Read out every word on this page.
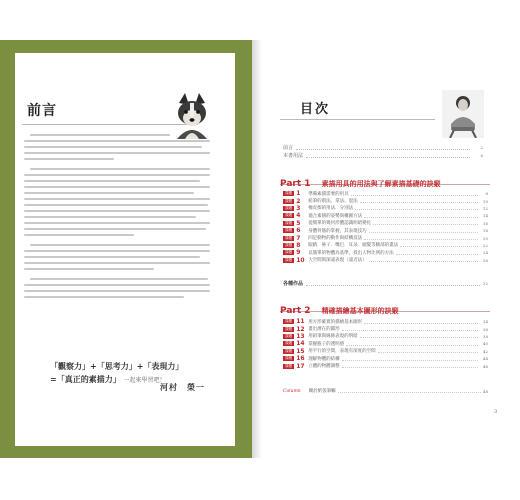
前言
「觀察力」+「思考力」+「表現力」
=「真正的素描力」 一起來學習吧！
河村　榮一
目次
前言	2
本書用法	6
Part 1 素描用具的用法與了解素描基礎的訣竅
課題 1	準備素描需要的用具	8
課題 2	鉛筆的削法、拿法、混法	10
課題 3	橡皮擦的用法．分別法	12
課題 4	適合素描的姿勢與構圖方法	14
課題 5	從簡單的幾何形體認識明暗變化	16
課題 6	身體骨骼的掌握，其表現技巧	18
課題 7	四足動物的動作與結構技法	20
課題 8	眼睛．鼻子．嘴巴．耳朵．頭髮等臉部的畫法	22
課題 9	以簡單的物體為基準，找出人物比例的方法	24
課題 10 大空間與深遠表現（遠近法）	26
各種作品	32
Part 2 精確描繪基本圖形的訣竅
課題 11 用方形確實的描繪基本圖形	34
課題 12 畫出潛在的圓形	36
課題 13 用鉛筆與線條表現的明暗	38
課題 14 掌握瓶子的透明感	40
課題 15 用平行的空間，表現有深度的空間	42
課題 16 理解物體的結構	44
課題 17 立體的物體調整	46
Column 關於紙張筆觸	48
3
